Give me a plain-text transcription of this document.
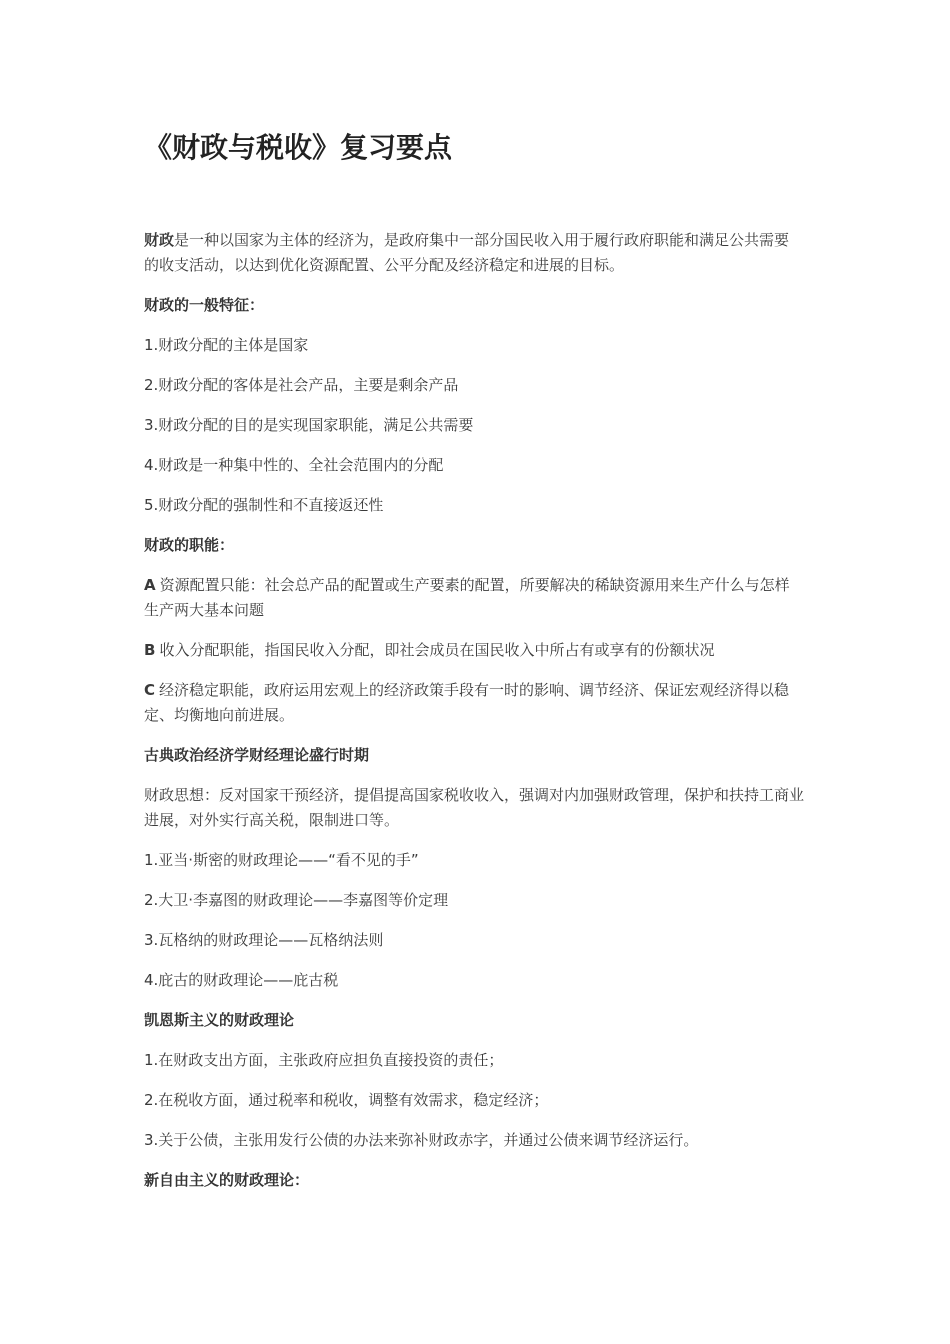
《财政与税收》复习要点

财政是一种以国家为主体的经济为，是政府集中一部分国民收入用于履行政府职能和满足公共需要的收支活动，以达到优化资源配置、公平分配及经济稳定和进展的目标。

财政的一般特征：

1.财政分配的主体是国家

2.财政分配的客体是社会产品，主要是剩余产品

3.财政分配的目的是实现国家职能，满足公共需要

4.财政是一种集中性的、全社会范围内的分配

5.财政分配的强制性和不直接返还性

财政的职能：

A 资源配置只能：社会总产品的配置或生产要素的配置，所要解决的稀缺资源用来生产什么与怎样生产两大基本问题

B 收入分配职能，指国民收入分配，即社会成员在国民收入中所占有或享有的份额状况

C 经济稳定职能，政府运用宏观上的经济政策手段有一时的影响、调节经济、保证宏观经济得以稳定、均衡地向前进展。

古典政治经济学财经理论盛行时期

财政思想：反对国家干预经济，提倡提高国家税收收入，强调对内加强财政管理，保护和扶持工商业进展，对外实行高关税，限制进口等。

1.亚当·斯密的财政理论——“看不见的手”

2.大卫·李嘉图的财政理论——李嘉图等价定理

3.瓦格纳的财政理论——瓦格纳法则

4.庇古的财政理论——庇古税

凯恩斯主义的财政理论

1.在财政支出方面，主张政府应担负直接投资的责任；

2.在税收方面，通过税率和税收，调整有效需求，稳定经济；

3.关于公债，主张用发行公债的办法来弥补财政赤字，并通过公债来调节经济运行。

新自由主义的财政理论：
